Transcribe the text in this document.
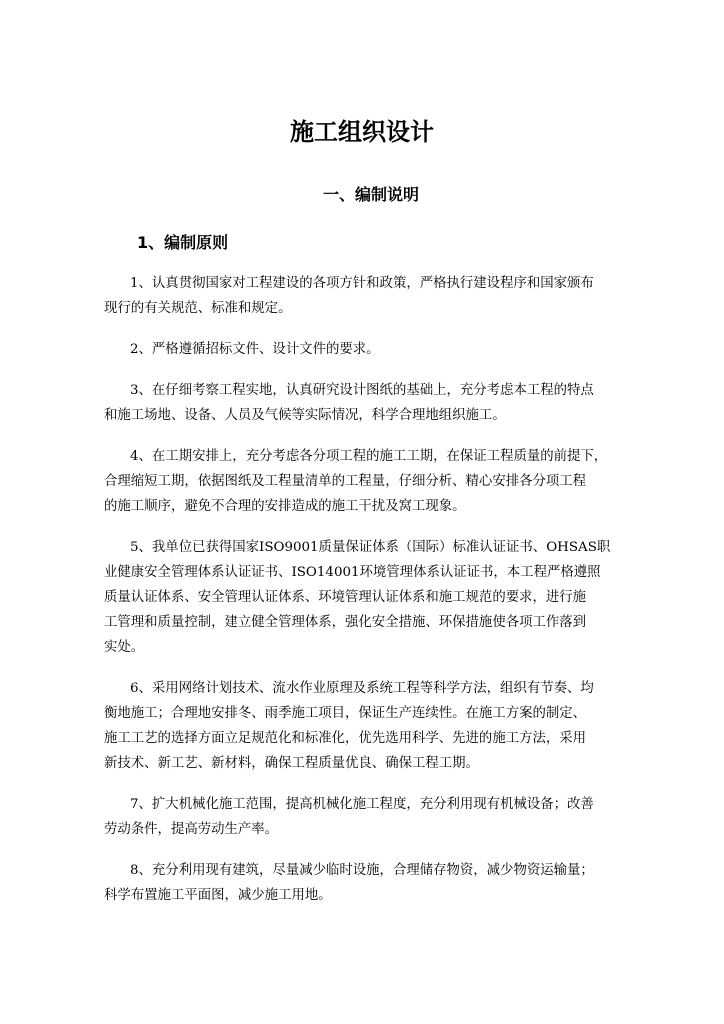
施工组织设计
一、编制说明
1、编制原则

1、认真贯彻国家对工程建设的各项方针和政策，严格执行建设程序和国家颁布
现行的有关规范、标准和规定。

2、严格遵循招标文件、设计文件的要求。

3、在仔细考察工程实地，认真研究设计图纸的基础上，充分考虑本工程的特点
和施工场地、设备、人员及气候等实际情况，科学合理地组织施工。

4、在工期安排上，充分考虑各分项工程的施工工期，在保证工程质量的前提下，
合理缩短工期，依据图纸及工程量清单的工程量，仔细分析、精心安排各分项工程
的施工顺序，避免不合理的安排造成的施工干扰及窝工现象。

5、我单位已获得国家ISO9001质量保证体系（国际）标准认证证书、OHSAS职
业健康安全管理体系认证证书、ISO14001环境管理体系认证证书，本工程严格遵照
质量认证体系、安全管理认证体系、环境管理认证体系和施工规范的要求，进行施
工管理和质量控制，建立健全管理体系，强化安全措施、环保措施使各项工作落到
实处。

6、采用网络计划技术、流水作业原理及系统工程等科学方法，组织有节奏、均
衡地施工；合理地安排冬、雨季施工项目，保证生产连续性。在施工方案的制定、
施工工艺的选择方面立足规范化和标准化，优先选用科学、先进的施工方法，采用
新技术、新工艺、新材料，确保工程质量优良、确保工程工期。

7、扩大机械化施工范围，提高机械化施工程度，充分利用现有机械设备；改善
劳动条件，提高劳动生产率。

8、充分利用现有建筑，尽量减少临时设施，合理储存物资，减少物资运输量；
科学布置施工平面图，减少施工用地。
